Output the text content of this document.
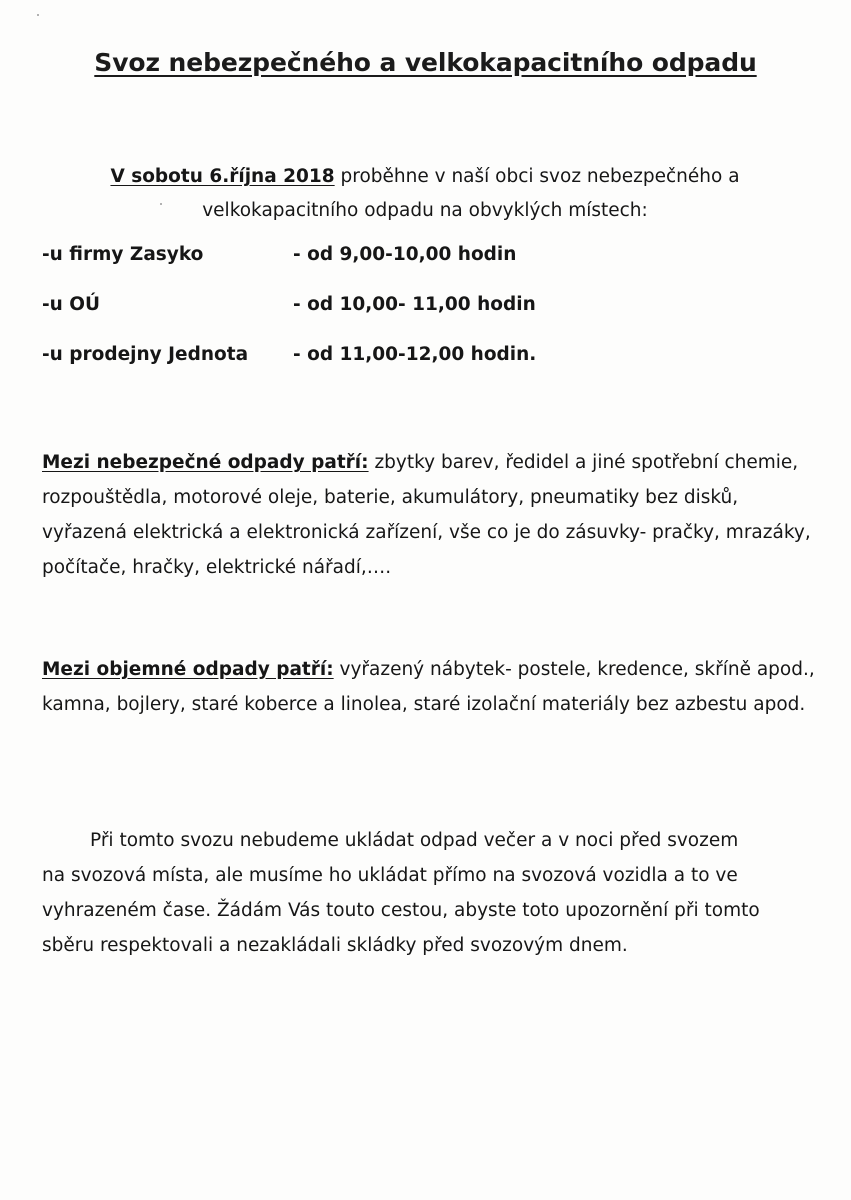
Svoz nebezpečného a velkokapacitního odpadu
V sobotu 6.října 2018 proběhne v naší obci svoz nebezpečného a
velkokapacitního odpadu na obvyklých místech:
-u firmy Zasyko	- od 9,00-10,00 hodin
-u OÚ	- od 10,00- 11,00 hodin
-u prodejny Jednota - od 11,00-12,00 hodin.
Mezi nebezpečné odpady patří: zbytky barev, ředidel a jiné spotřební chemie, rozpouštědla, motorové oleje, baterie, akumulátory, pneumatiky bez disků, vyřazená elektrická a elektronická zařízení, vše co je do zásuvky- pračky, mrazáky, počítače, hračky, elektrické nářadí,….
Mezi objemné odpady patří: vyřazený nábytek- postele, kredence, skříně apod., kamna, bojlery, staré koberce a linolea, staré izolační materiály bez azbestu apod.
Při tomto svozu nebudeme ukládat odpad večer a v noci před svozem na svozová místa, ale musíme ho ukládat přímo na svozová vozidla a to ve vyhrazeném čase. Žádám Vás touto cestou, abyste toto upozornění při tomto sběru respektovali a nezakládali skládky před svozovým dnem.
